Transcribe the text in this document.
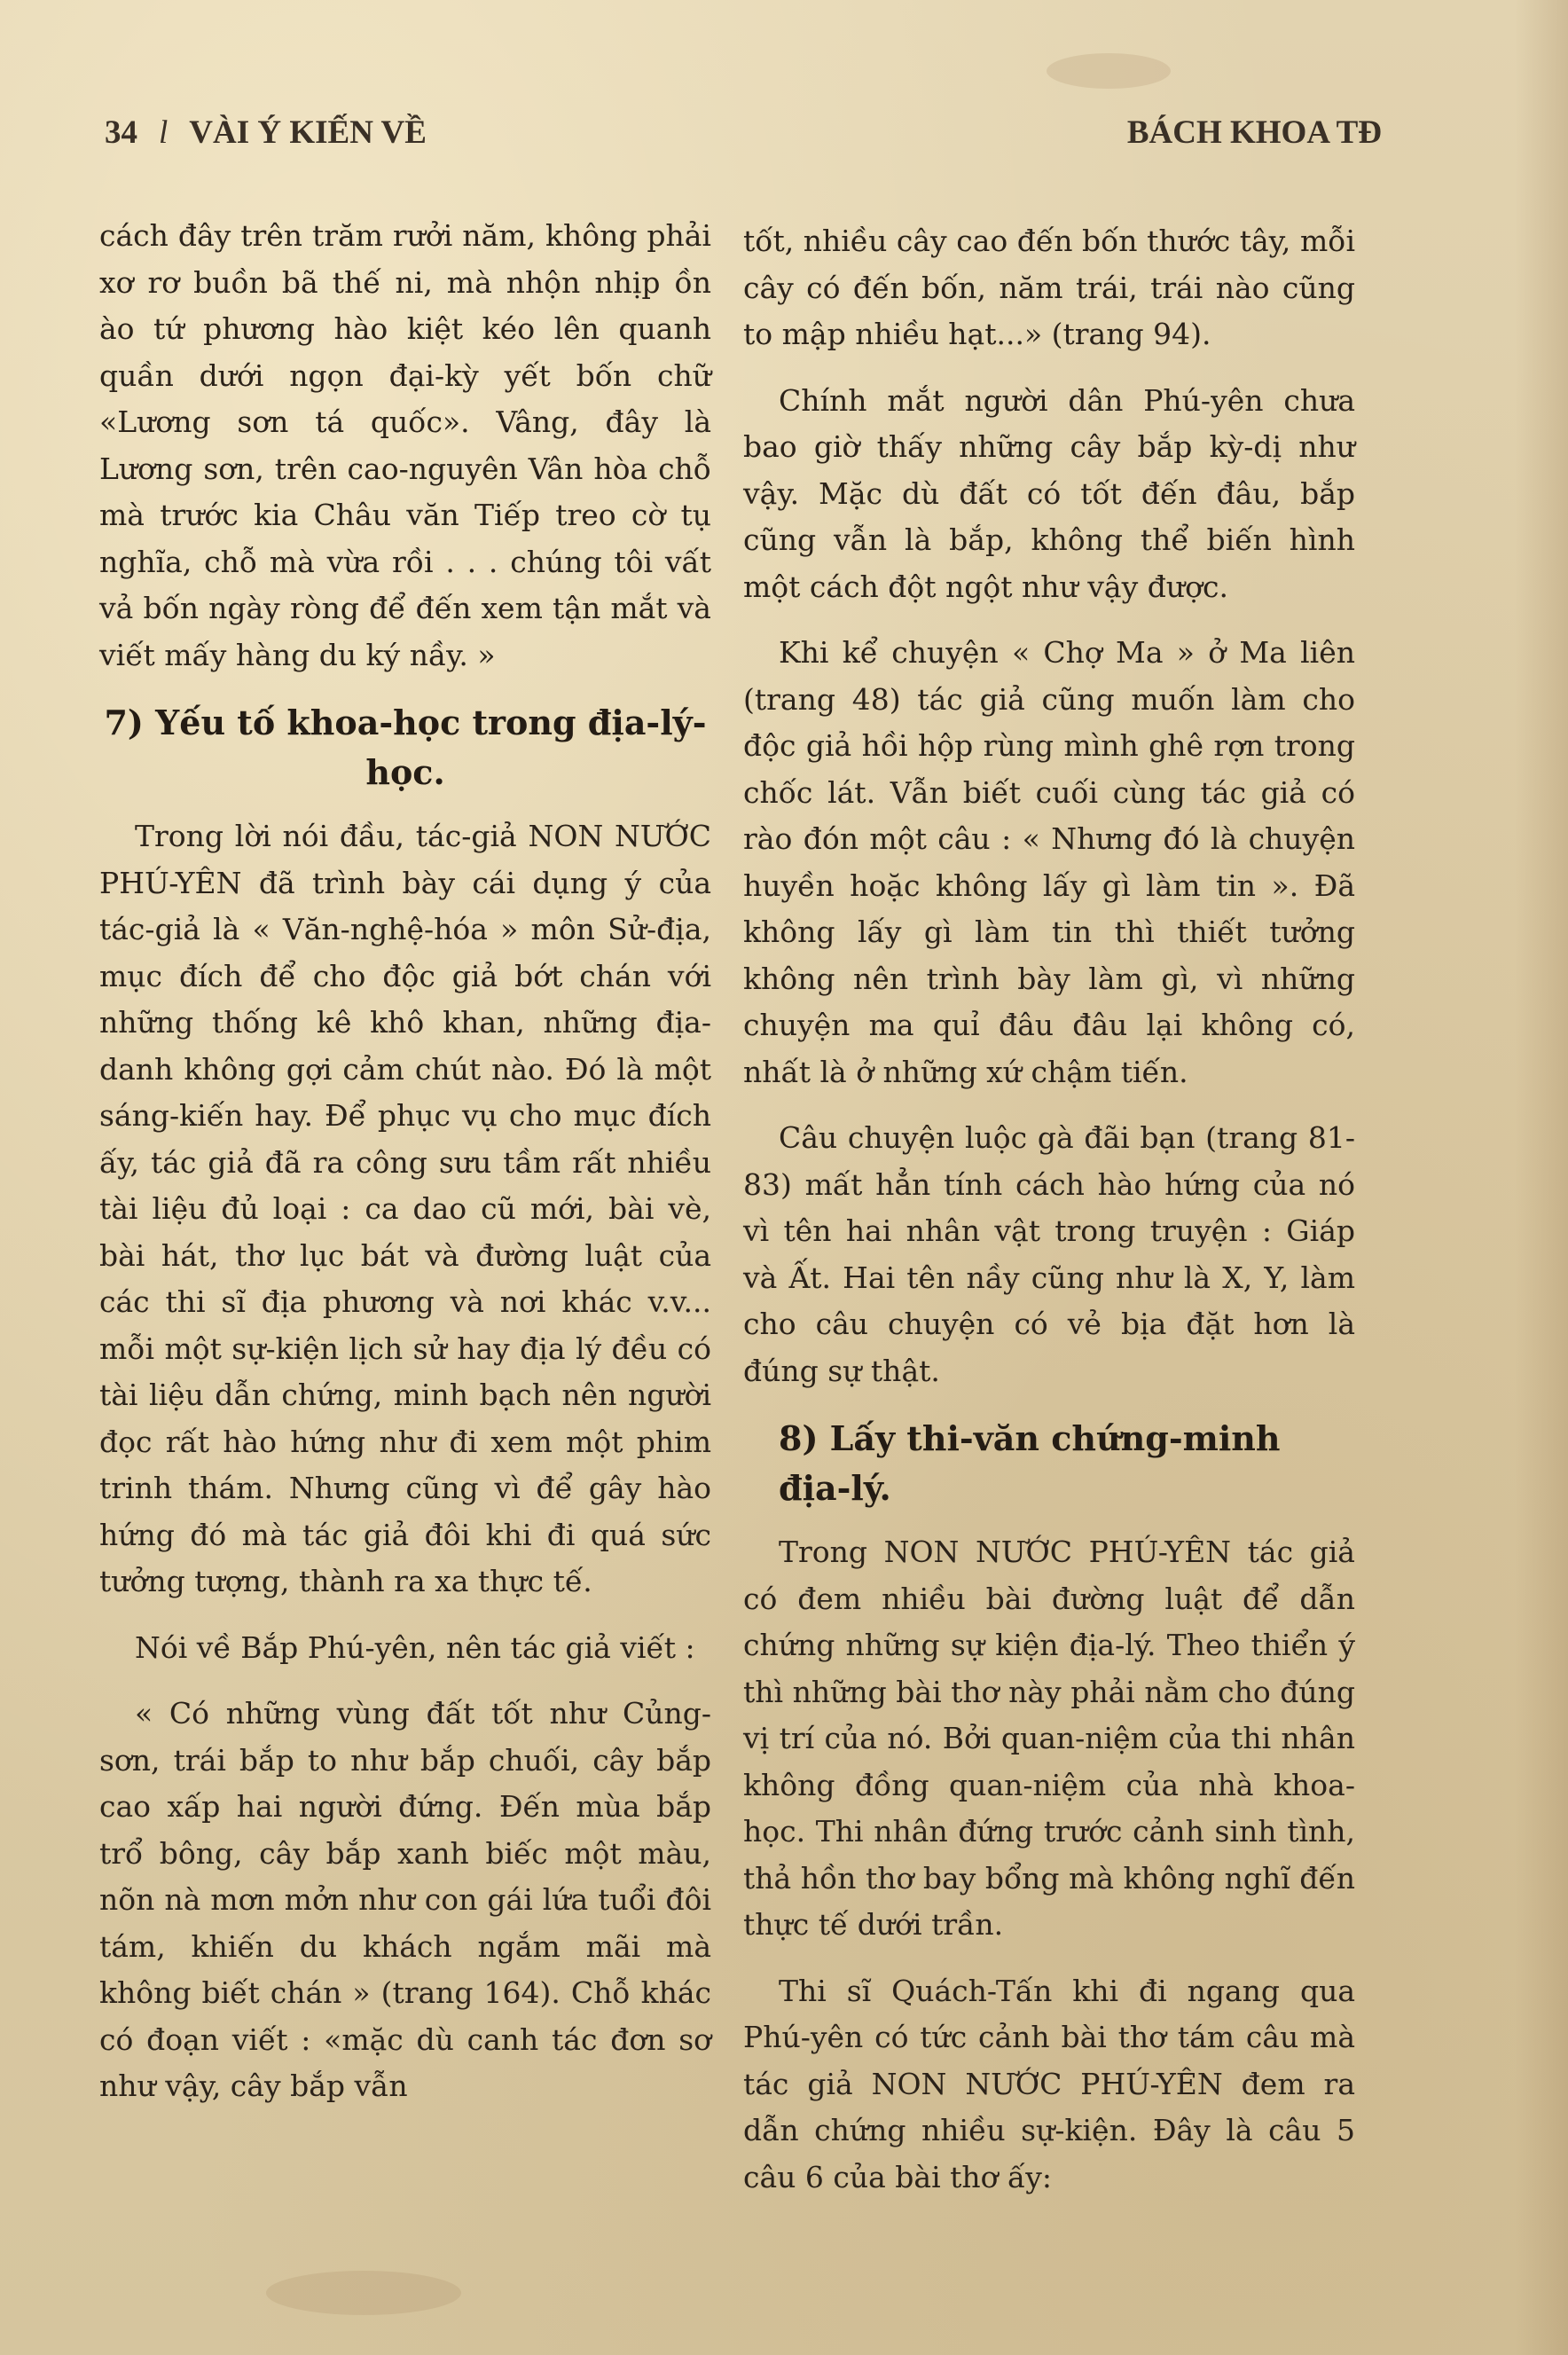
34 l VÀI Ý KIẾN VỀ	BÁCH KHOA TĐ

cách đây trên trăm rưởi năm, không phải xơ rơ buồn bã thế ni, mà nhộn nhịp ồn ào tứ phương hào kiệt kéo lên quanh quần dưới ngọn đại-kỳ yết bốn chữ «Lương sơn tá quốc». Vâng, đây là Lương sơn, trên cao-nguyên Vân hòa chỗ mà trước kia Châu văn Tiếp treo cờ tụ nghĩa, chỗ mà vừa rồi . . . chúng tôi vất vả bốn ngày ròng để đến xem tận mắt và viết mấy hàng du ký nầy. »

7) Yếu tố khoa-học trong địa-lý-học.

Trong lời nói đầu, tác-giả NON NƯỚC PHÚ-YÊN đã trình bày cái dụng ý của tác-giả là « Văn-nghệ-hóa » môn Sử-địa, mục đích để cho độc giả bớt chán với những thống kê khô khan, những địa-danh không gợi cảm chút nào. Đó là một sáng-kiến hay. Để phục vụ cho mục đích ấy, tác giả đã ra công sưu tầm rất nhiều tài liệu đủ loại : ca dao cũ mới, bài vè, bài hát, thơ lục bát và đường luật của các thi sĩ địa phương và nơi khác v.v... mỗi một sự-kiện lịch sử hay địa lý đều có tài liệu dẫn chứng, minh bạch nên người đọc rất hào hứng như đi xem một phim trinh thám. Nhưng cũng vì để gây hào hứng đó mà tác giả đôi khi đi quá sức tưởng tượng, thành ra xa thực tế.

Nói về Bắp Phú-yên, nên tác giả viết :

« Có những vùng đất tốt như Củng-sơn, trái bắp to như bắp chuối, cây bắp cao xấp hai người đứng. Đến mùa bắp trổ bông, cây bắp xanh biếc một màu, nõn nà mơn mởn như con gái lứa tuổi đôi tám, khiến du khách ngắm mãi mà không biết chán » (trang 164). Chỗ khác có đoạn viết : «mặc dù canh tác đơn sơ như vậy, cây bắp vẫn

tốt, nhiều cây cao đến bốn thước tây, mỗi cây có đến bốn, năm trái, trái nào cũng to mập nhiều hạt...» (trang 94).

Chính mắt người dân Phú-yên chưa bao giờ thấy những cây bắp kỳ-dị như vậy. Mặc dù đất có tốt đến đâu, bắp cũng vẫn là bắp, không thể biến hình một cách đột ngột như vậy được.

Khi kể chuyện « Chợ Ma » ở Ma liên (trang 48) tác giả cũng muốn làm cho độc giả hồi hộp rùng mình ghê rợn trong chốc lát. Vẫn biết cuối cùng tác giả có rào đón một câu : « Nhưng đó là chuyện huyền hoặc không lấy gì làm tin ». Đã không lấy gì làm tin thì thiết tưởng không nên trình bày làm gì, vì những chuyện ma quỉ đâu đâu lại không có, nhất là ở những xứ chậm tiến.

Câu chuyện luộc gà đãi bạn (trang 81-83) mất hẳn tính cách hào hứng của nó vì tên hai nhân vật trong truyện : Giáp và Ất. Hai tên nầy cũng như là X, Y, làm cho câu chuyện có vẻ bịa đặt hơn là đúng sự thật.

8) Lấy thi-văn chứng-minh địa-lý.

Trong NON NƯỚC PHÚ-YÊN tác giả có đem nhiều bài đường luật để dẫn chứng những sự kiện địa-lý. Theo thiển ý thì những bài thơ này phải nằm cho đúng vị trí của nó. Bởi quan-niệm của thi nhân không đồng quan-niệm của nhà khoa-học. Thi nhân đứng trước cảnh sinh tình, thả hồn thơ bay bổng mà không nghĩ đến thực tế dưới trần.

Thi sĩ Quách-Tấn khi đi ngang qua Phú-yên có tức cảnh bài thơ tám câu mà tác giả NON NƯỚC PHÚ-YÊN đem ra dẫn chứng nhiều sự-kiện. Đây là câu 5 câu 6 của bài thơ ấy:
